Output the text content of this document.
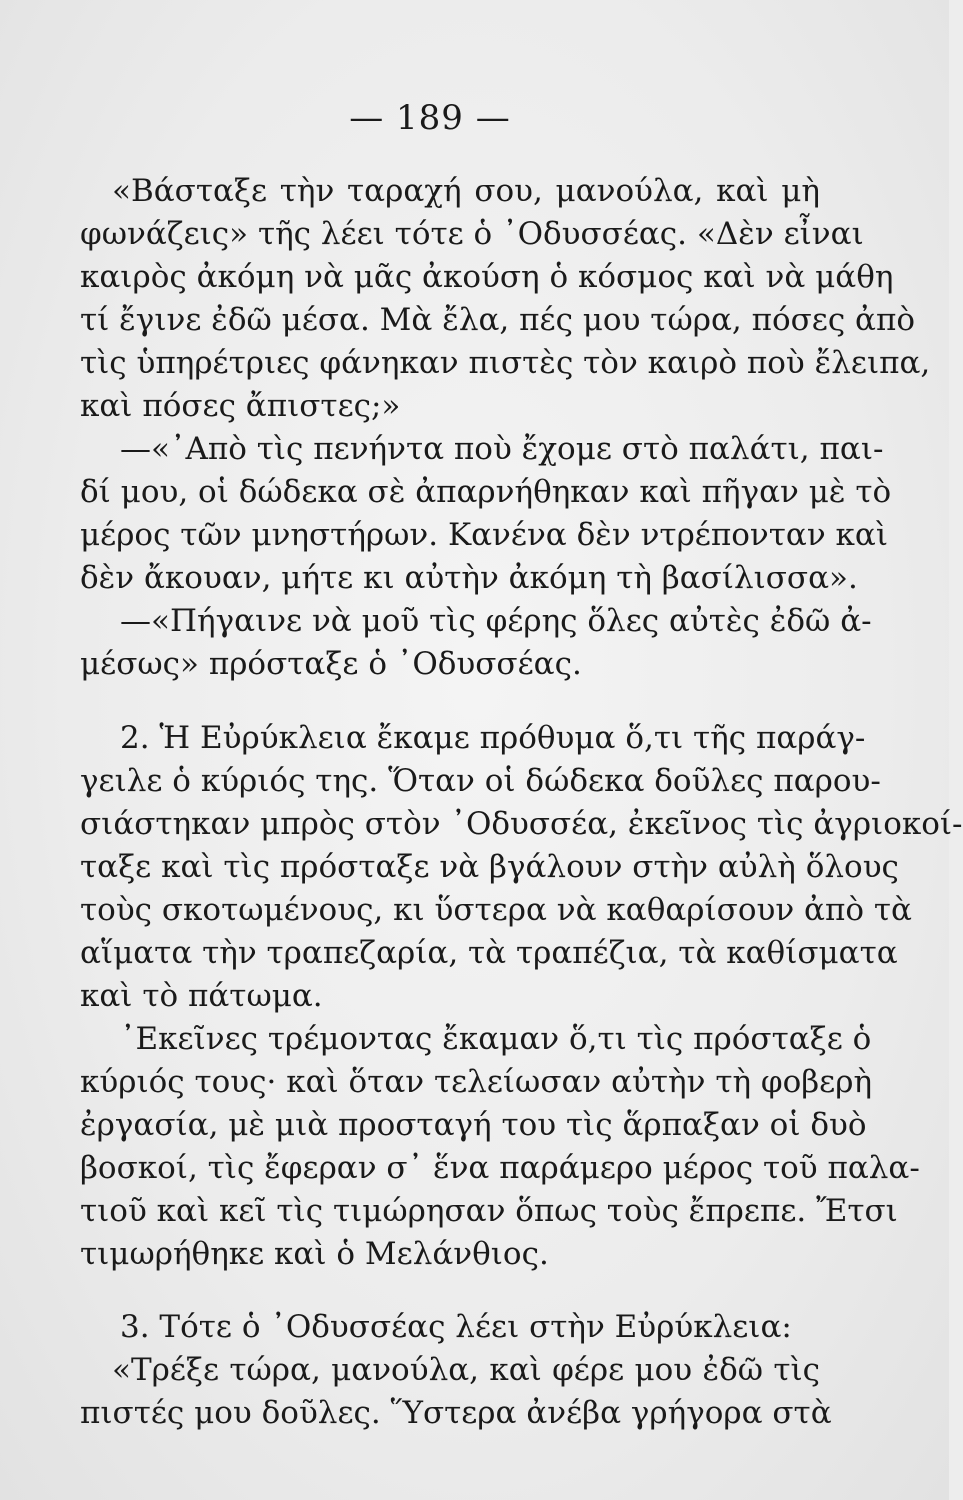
— 189 —
«Βάσταξε τὴν ταραχή σου, μανούλα, καὶ μὴ
φωνάζεις» τῆς λέει τότε ὁ ᾿Οδυσσέας. «Δὲν εἶναι
καιρὸς ἀκόμη νὰ μᾶς ἀκούση ὁ κόσμος καὶ νὰ μάθη
τί ἔγινε ἐδῶ μέσα. Μὰ ἔλα, πές μου τώρα, πόσες ἀπὸ
τὶς ὑπηρέτριες φάνηκαν πιστὲς τὸν καιρὸ ποὺ ἔλειπα,
καὶ πόσες ἄπιστες;»
—«᾿Απὸ τὶς πενήντα ποὺ ἔχομε στὸ παλάτι, παι-
δί μου, οἱ δώδεκα σὲ ἀπαρνήθηκαν καὶ πῆγαν μὲ τὸ
μέρος τῶν μνηστήρων. Κανένα δὲν ντρέπονταν καὶ
δὲν ἄκουαν, μήτε κι αὐτὴν ἀκόμη τὴ βασίλισσα».
—«Πήγαινε νὰ μοῦ τὶς φέρης ὅλες αὐτὲς ἐδῶ ἀ-
μέσως» πρόσταξε ὁ ᾿Οδυσσέας.
2. Ἡ Εὐρύκλεια ἔκαμε πρόθυμα ὅ,τι τῆς παράγ-
γειλε ὁ κύριός της. Ὅταν οἱ δώδεκα δοῦλες παρου-
σιάστηκαν μπρὸς στὸν ᾿Οδυσσέα, ἐκεῖνος τὶς ἀγριοκοί-
ταξε καὶ τὶς πρόσταξε νὰ βγάλουν στὴν αὐλὴ ὅλους
τοὺς σκοτωμένους, κι ὕστερα νὰ καθαρίσουν ἀπὸ τὰ
αἵματα τὴν τραπεζαρία, τὰ τραπέζια, τὰ καθίσματα
καὶ τὸ πάτωμα.
᾿Εκεῖνες τρέμοντας ἔκαμαν ὅ,τι τὶς πρόσταξε ὁ
κύριός τους· καὶ ὅταν τελείωσαν αὐτὴν τὴ φοβερὴ
ἐργασία, μὲ μιὰ προσταγή του τὶς ἅρπαξαν οἱ δυὸ
βοσκοί, τὶς ἔφεραν σ᾿ ἕνα παράμερο μέρος τοῦ παλα-
τιοῦ καὶ κεῖ τὶς τιμώρησαν ὅπως τοὺς ἔπρεπε. Ἔτσι
τιμωρήθηκε καὶ ὁ Μελάνθιος.
3. Τότε ὁ ᾿Οδυσσέας λέει στὴν Εὐρύκλεια:
«Τρέξε τώρα, μανούλα, καὶ φέρε μου ἐδῶ τὶς
πιστές μου δοῦλες. Ὕστερα ἀνέβα γρήγορα στὰ
